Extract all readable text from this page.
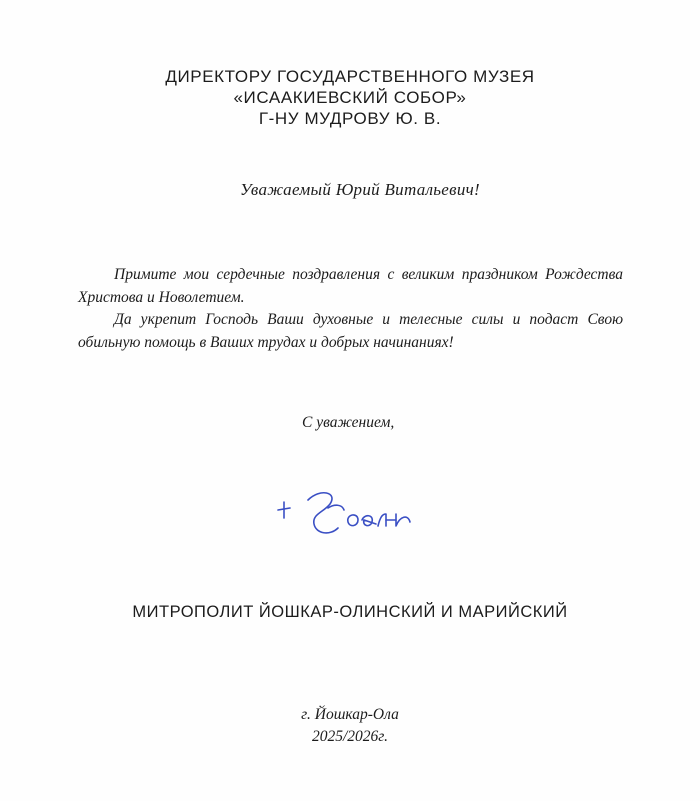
ДИРЕКТОРУ ГОСУДАРСТВЕННОГО МУЗЕЯ
«ИСААКИЕВСКИЙ СОБОР»
Г-НУ МУДРОВУ Ю. В.
Уважаемый Юрий Витальевич!

Примите мои сердечные поздравления с великим праздником Рождества Христова и Новолетием.

Да укрепит Господь Ваши духовные и телесные силы и подаст Свою обильную помощь в Ваших трудах и добрых начинаниях!

С уважением,
МИТРОПОЛИТ ЙОШКАР-ОЛИНСКИЙ И МАРИЙСКИЙ
г. Йошкар-Ола
2025/2026г.
